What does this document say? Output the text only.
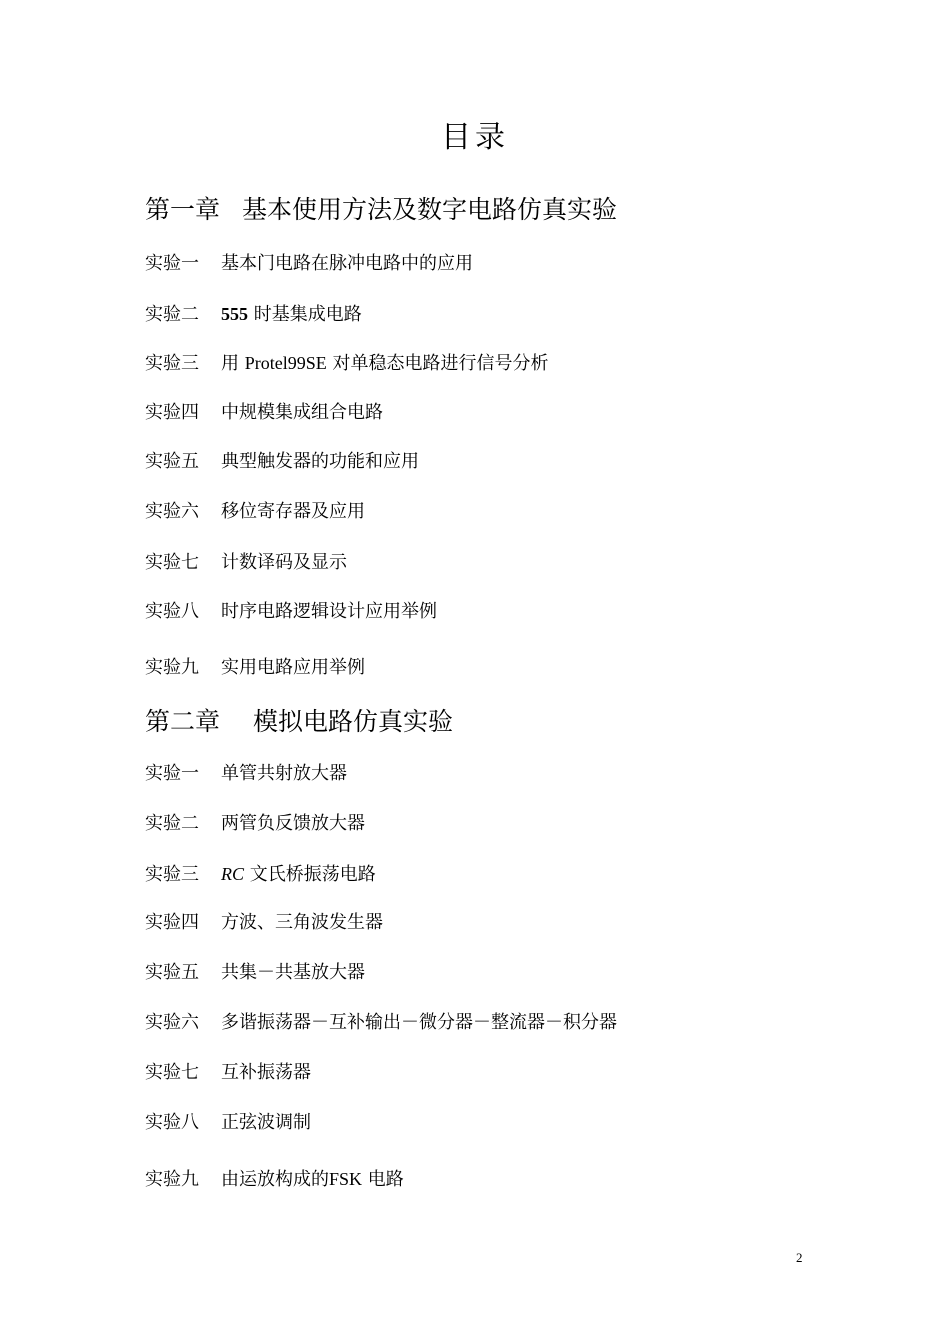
目录
第一章 基本使用方法及数字电路仿真实验
实验一 基本门电路在脉冲电路中的应用
实验二 555 时基集成电路
实验三 用 Protel99SE 对单稳态电路进行信号分析
实验四 中规模集成组合电路
实验五 典型触发器的功能和应用
实验六 移位寄存器及应用
实验七 计数译码及显示
实验八 时序电路逻辑设计应用举例
实验九 实用电路应用举例
第二章 模拟电路仿真实验
实验一 单管共射放大器
实验二 两管负反馈放大器
实验三 RC 文氏桥振荡电路
实验四 方波、三角波发生器
实验五 共集－共基放大器
实验六 多谐振荡器－互补输出－微分器－整流器－积分器
实验七 互补振荡器
实验八 正弦波调制
实验九 由运放构成的FSK 电路
2
